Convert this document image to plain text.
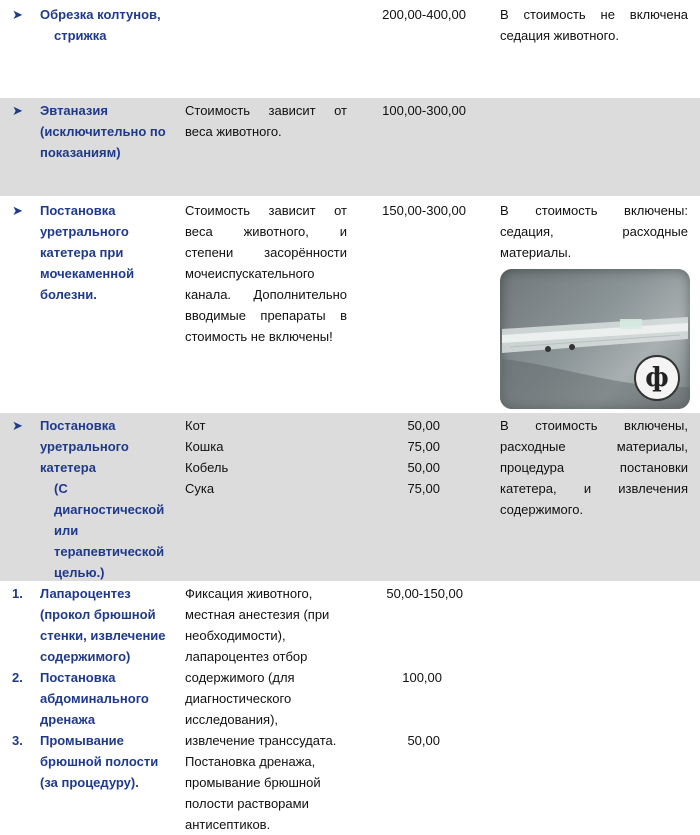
➤ Обрезка колтунов,
стрижка
200,00-400,00	В стоимость не включена
седация животного.
➤ Эвтаназия
(исключительно по
показаниям)
Стоимость зависит от
веса животного.
100,00-300,00
➤ Постановка
уретрального
катетера при
мочекаменной
болезни.
Стоимость зависит от
веса животного, и
степени засорённости
мочеиспускательного
канала. Дополнительно
вводимые препараты в
стоимость не включены!
150,00-300,00	В стоимость включены:
седация, расходные
материалы.
ф
➤ Постановка
уретрального
катетера
(С
диагностической
или
терапевтической
целью.)
Кот
Кошка
Кобель
Сука
50,00
75,00
50,00
75,00
В стоимость включены,
расходные материалы,
процедура постановки
катетера, и извлечения
содержимого.
1. Лапароцентез
(прокол брюшной
стенки, извлечение
содержимого)
50,00-150,00
2. Постановка
абдоминального
дренажа
100,00
3. Промывание
брюшной полости
(за процедуру).
50,00
Фиксация животного,
местная анестезия (при
необходимости),
лапароцентез отбор
содержимого (для
диагностического
исследования),
извлечение транссудата.
Постановка дренажа,
промывание брюшной
полости растворами
антисептиков.
